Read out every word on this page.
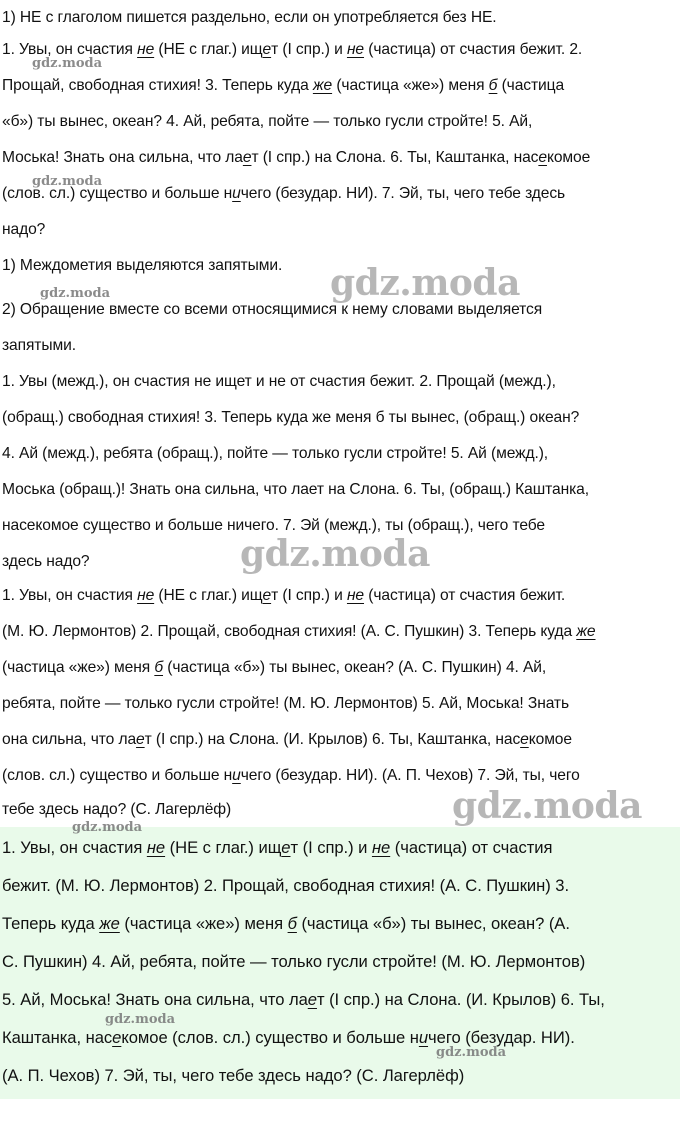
1) НЕ с глаголом пишется раздельно, если он употребляется без НЕ.
1. Увы, он счастия не (НЕ с глаг.) ищет (I спр.) и не (частица) от счастия бежит. 2.
Прощай, свободная стихия! 3. Теперь куда же (частица «же») меня б (частица
«б») ты вынес, океан? 4. Ай, ребята, пойте — только гусли стройте! 5. Ай,
Моська! Знать она сильна, что лает (I спр.) на Слона. 6. Ты, Каштанка, насекомое
(слов. сл.) существо и больше ничего (безудар. НИ). 7. Эй, ты, чего тебе здесь
надо?
1) Междометия выделяются запятыми.
2) Обращение вместе со всеми относящимися к нему словами выделяется
запятыми.
1. Увы (межд.), он счастия не ищет и не от счастия бежит. 2. Прощай (межд.),
(обращ.) свободная стихия! 3. Теперь куда же меня б ты вынес, (обращ.) океан?
4. Ай (межд.), ребята (обращ.), пойте — только гусли стройте! 5. Ай (межд.),
Моська (обращ.)! Знать она сильна, что лает на Слона. 6. Ты, (обращ.) Каштанка,
насекомое существо и больше ничего. 7. Эй (межд.), ты (обращ.), чего тебе
здесь надо?
1. Увы, он счастия не (НЕ с глаг.) ищет (I спр.) и не (частица) от счастия бежит.
(М. Ю. Лермонтов) 2. Прощай, свободная стихия! (А. С. Пушкин) 3. Теперь куда же
(частица «же») меня б (частица «б») ты вынес, океан? (А. С. Пушкин) 4. Ай,
ребята, пойте — только гусли стройте! (М. Ю. Лермонтов) 5. Ай, Моська! Знать
она сильна, что лает (I спр.) на Слона. (И. Крылов) 6. Ты, Каштанка, насекомое
(слов. сл.) существо и больше ничего (безудар. НИ). (А. П. Чехов) 7. Эй, ты, чего
тебе здесь надо? (С. Лагерлёф)
1. Увы, он счастия не (НЕ с глаг.) ищет (I спр.) и не (частица) от счастия
бежит. (М. Ю. Лермонтов) 2. Прощай, свободная стихия! (А. С. Пушкин) 3.
Теперь куда же (частица «же») меня б (частица «б») ты вынес, океан? (А.
С. Пушкин) 4. Ай, ребята, пойте — только гусли стройте! (М. Ю. Лермонтов)
5. Ай, Моська! Знать она сильна, что лает (I спр.) на Слона. (И. Крылов) 6. Ты,
Каштанка, насекомое (слов. сл.) существо и больше ничего (безудар. НИ).
(А. П. Чехов) 7. Эй, ты, чего тебе здесь надо? (С. Лагерлёф)
gdz.moda
gdz.moda
gdz.moda
gdz.moda
gdz.moda
gdz.moda
gdz.moda
gdz.moda
gdz.moda
